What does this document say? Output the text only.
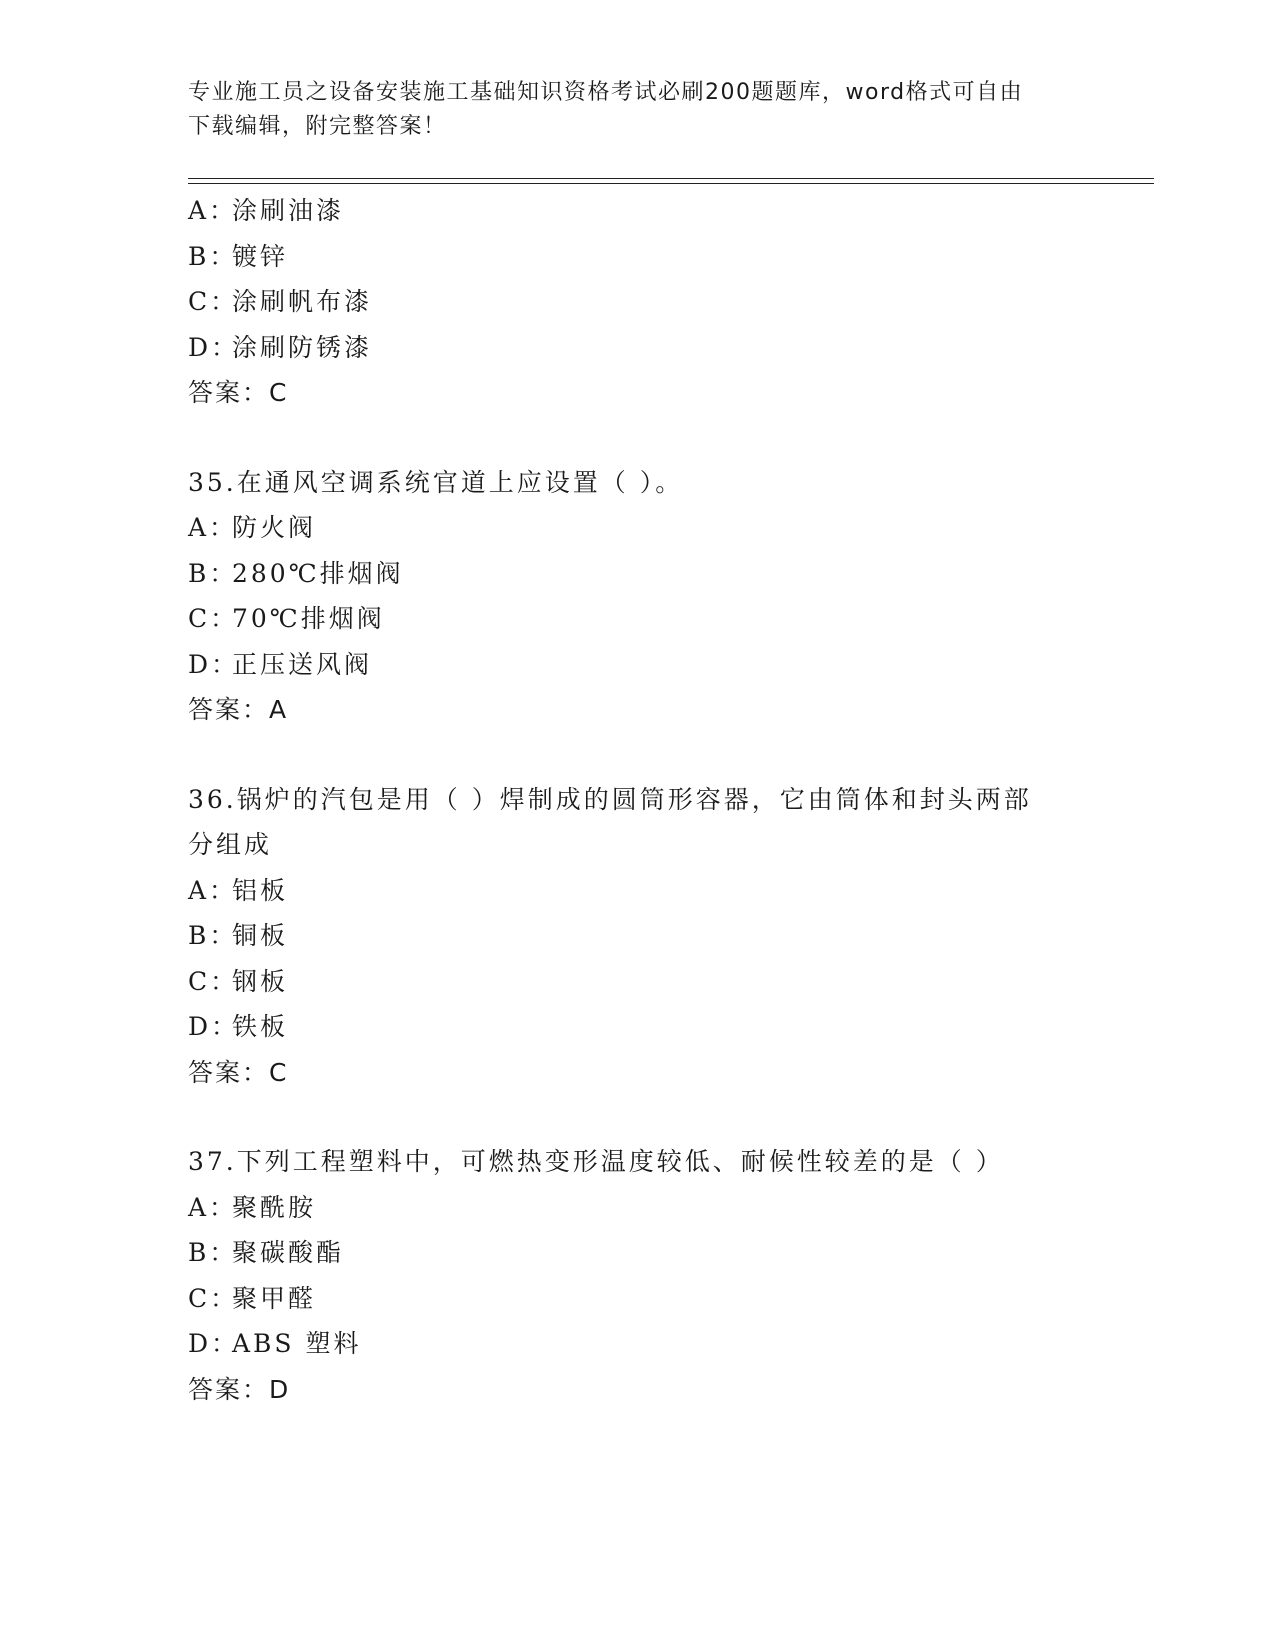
专业施工员之设备安装施工基础知识资格考试必刷200题题库，word格式可自由
下载编辑，附完整答案！
A：涂刷油漆
B：镀锌
C：涂刷帆布漆
D：涂刷防锈漆
答案：C
35.在通风空调系统官道上应设置（ ）。
A：防火阀
B：280℃排烟阀
C：70℃排烟阀
D：正压送风阀
答案：A
36.锅炉的汽包是用（ ）焊制成的圆筒形容器，它由筒体和封头两部
分组成
A：铝板
B：铜板
C：钢板
D：铁板
答案：C
37.下列工程塑料中，可燃热变形温度较低、耐候性较差的是（ ）
A：聚酰胺
B：聚碳酸酯
C：聚甲醛
D：ABS 塑料
答案：D
